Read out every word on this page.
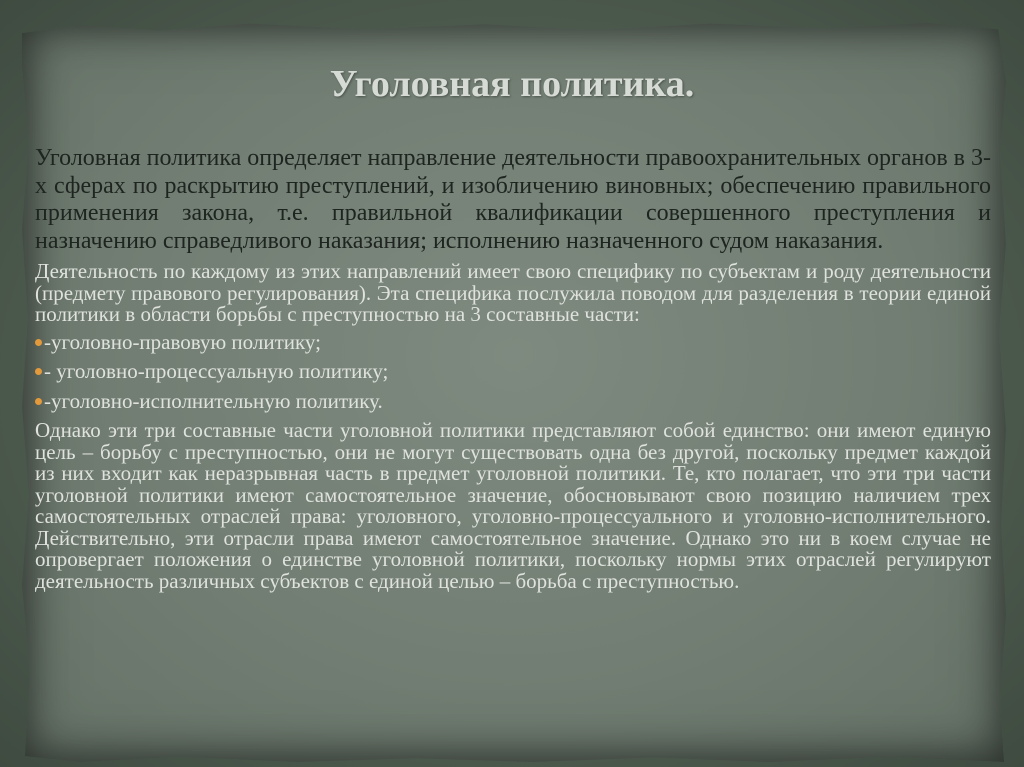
Уголовная политика.

Уголовная политика определяет направление деятельности правоохранительных органов в 3-х сферах по раскрытию преступлений, и изобличению виновных; обеспечению правильного применения закона, т.е. правильной квалификации совершенного преступления и назначению справедливого наказания; исполнению назначенного судом наказания.

Деятельность по каждому из этих направлений имеет свою специфику по субъектам и роду деятельности (предмету правового регулирования). Эта специфика послужила поводом для разделения в теории единой политики в области борьбы с преступностью на 3 составные части:

-уголовно-правовую политику;
- уголовно-процессуальную политику;
-уголовно-исполнительную политику.

Однако эти три составные части уголовной политики представляют собой единство: они имеют единую цель – борьбу с преступностью, они не могут существовать одна без другой, поскольку предмет каждой из них входит как неразрывная часть в предмет уголовной политики. Те, кто полагает, что эти три части уголовной политики имеют самостоятельное значение, обосновывают свою позицию наличием трех самостоятельных отраслей права: уголовного, уголовно-процессуального и уголовно-исполнительного. Действительно, эти отрасли права имеют самостоятельное значение. Однако это ни в коем случае не опровергает положения о единстве уголовной политики, поскольку нормы этих отраслей регулируют деятельность различных субъектов с единой целью – борьба с преступностью.
